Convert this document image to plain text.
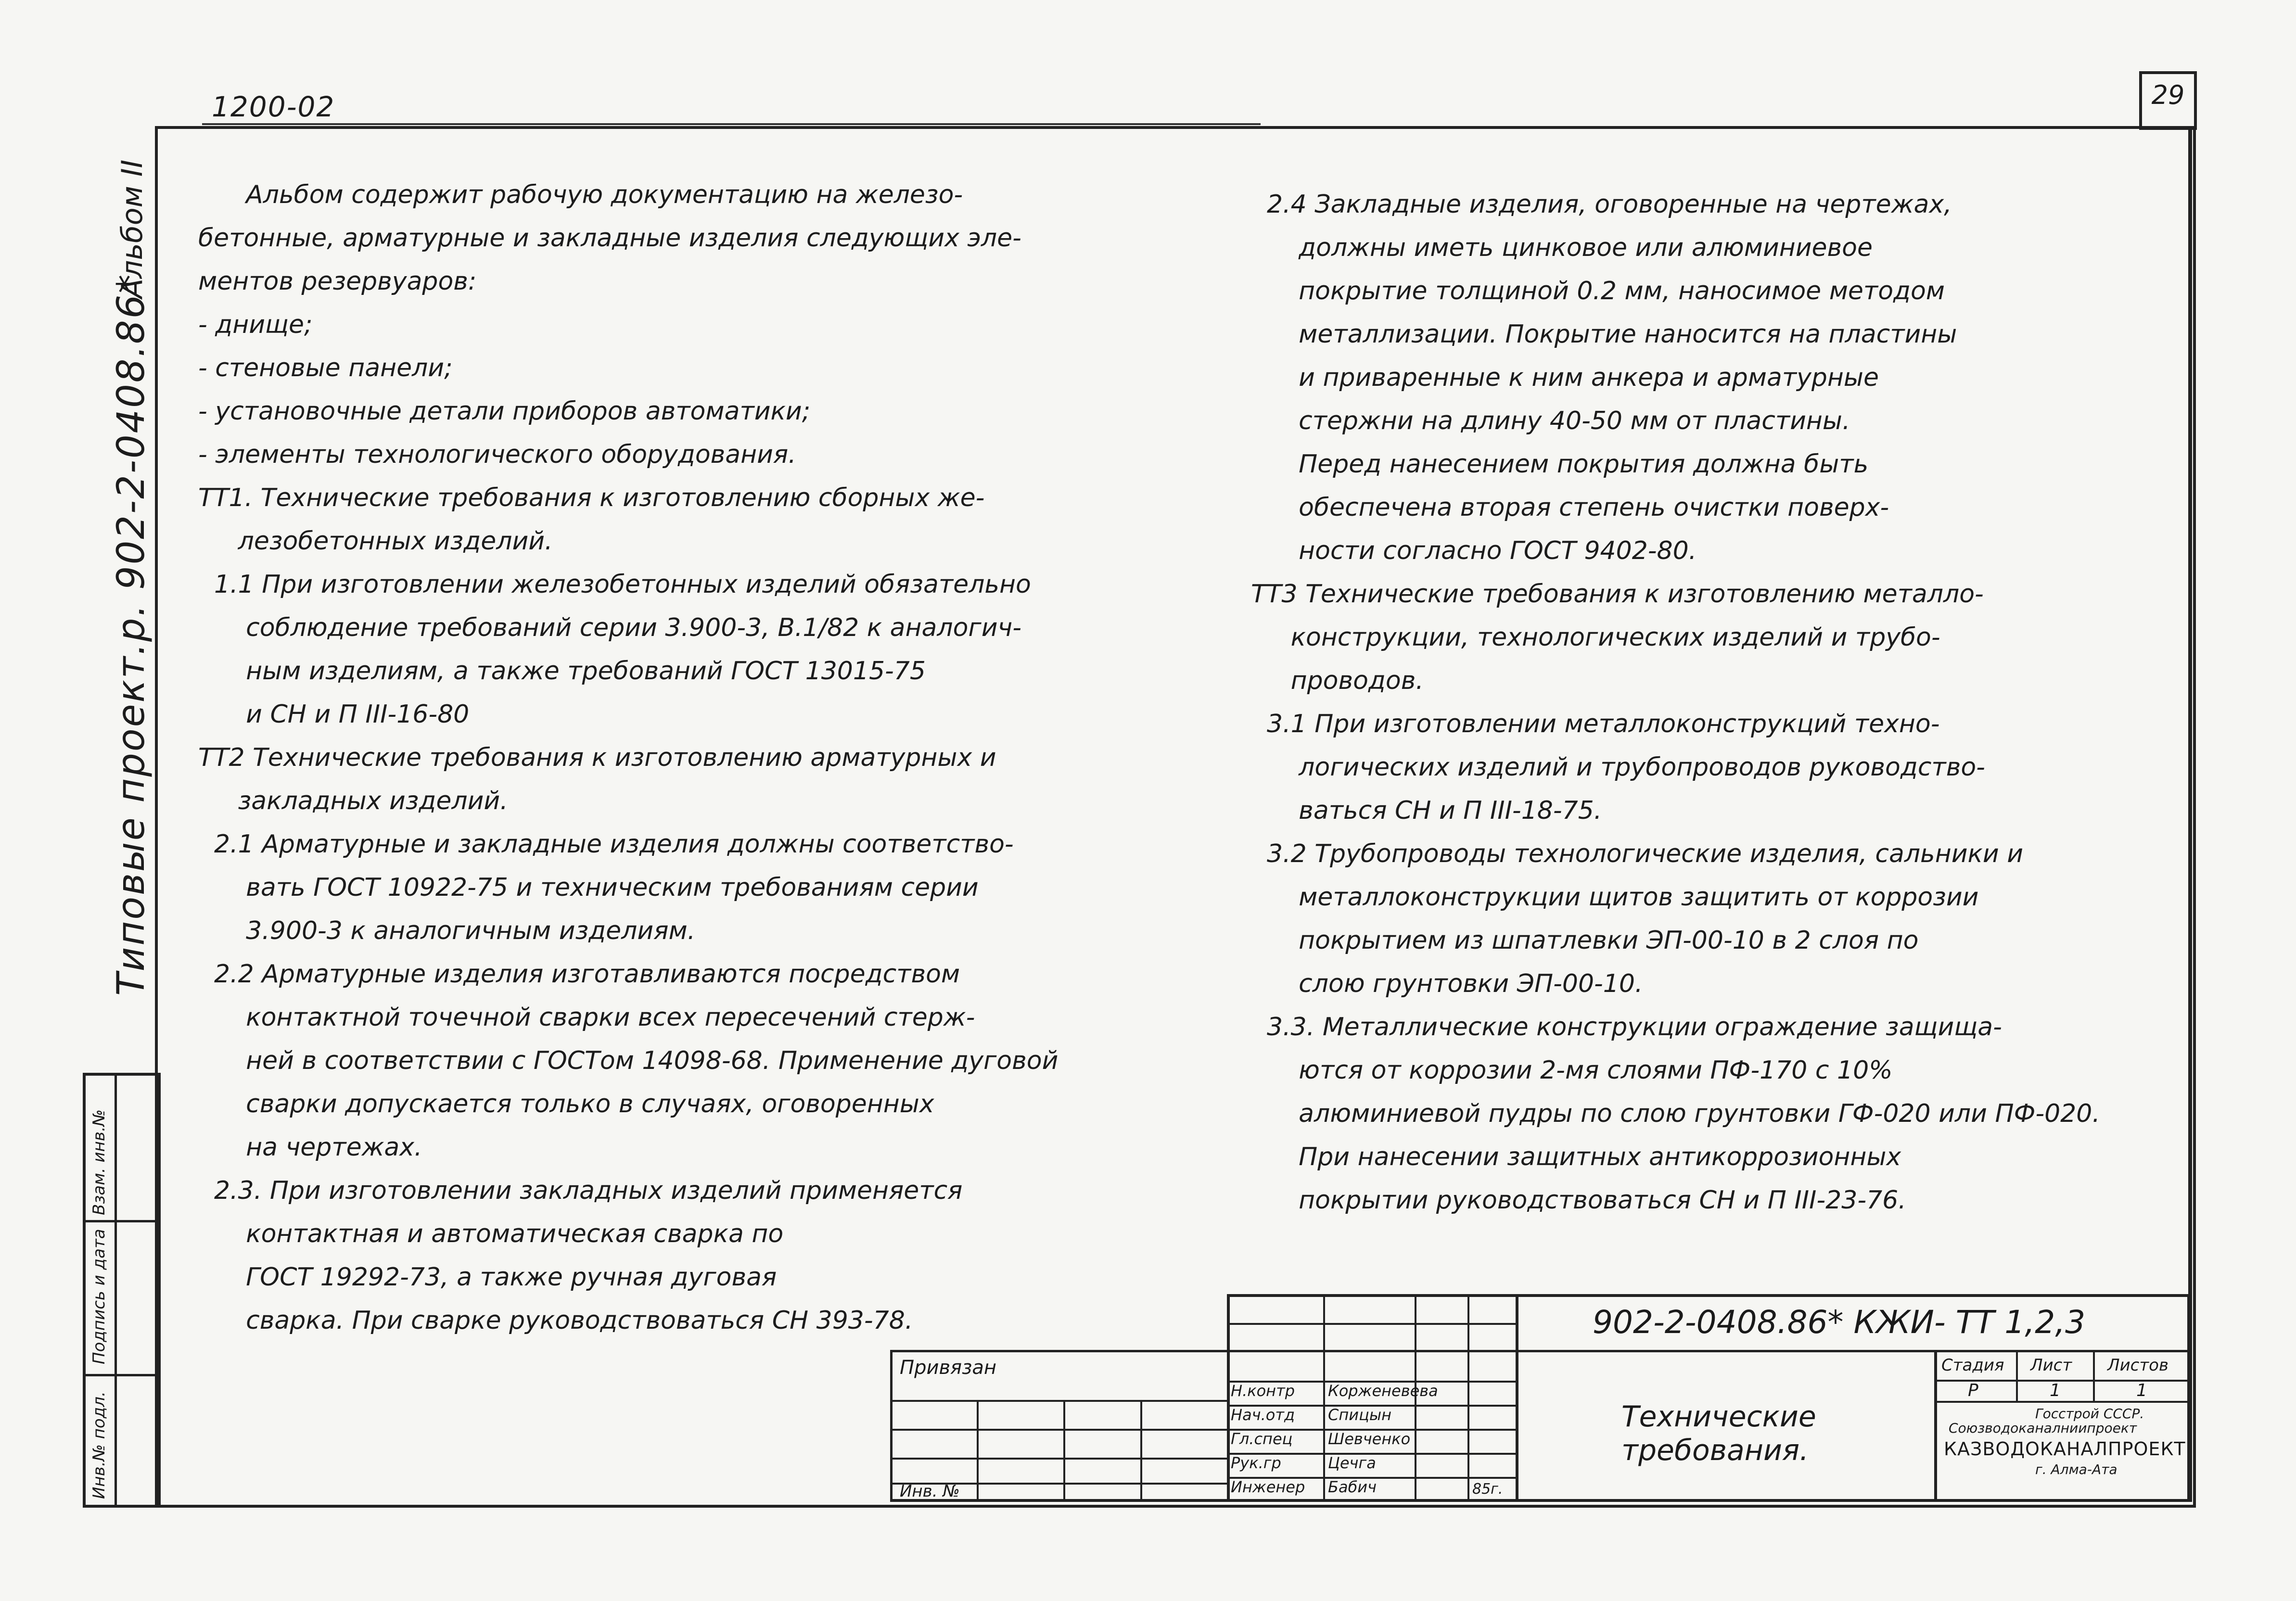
29
1200-02
Типовые проект.р. 902-2-0408.86*
Альбом II
Взам. инв.№
Подпись и дата
Инв.№ подл.
Альбом содержит рабочую документацию на железо-
бетонные, арматурные и закладные изделия следующих эле-
ментов резервуаров:
- днище;
- стеновые панели;
- установочные детали приборов автоматики;
- элементы технологического оборудования.
ТТ1. Технические требования к изготовлению сборных же-
лезобетонных изделий.
1.1 При изготовлении железобетонных изделий обязательно
соблюдение требований серии 3.900-3, В.1/82 к аналогич-
ным изделиям, а также требований ГОСТ 13015-75
и СН и П III-16-80
ТТ2 Технические требования к изготовлению арматурных и
закладных изделий.
2.1 Арматурные и закладные изделия должны соответство-
вать ГОСТ 10922-75 и техническим требованиям серии
3.900-3 к аналогичным изделиям.
2.2 Арматурные изделия изготавливаются посредством
контактной точечной сварки всех пересечений стерж-
ней в соответствии с ГОСТом 14098-68. Применение дуговой
сварки допускается только в случаях, оговоренных
на чертежах.
2.3. При изготовлении закладных изделий применяется
контактная и автоматическая сварка по
ГОСТ 19292-73, а также ручная дуговая
сварка. При сварке руководствоваться СН 393-78.
2.4 Закладные изделия, оговоренные на чертежах,
должны иметь цинковое или алюминиевое
покрытие толщиной 0.2 мм, наносимое методом
металлизации. Покрытие наносится на пластины
и приваренные к ним анкера и арматурные
стержни на длину 40-50 мм от пластины.
Перед нанесением покрытия должна быть
обеспечена вторая степень очистки поверх-
ности согласно ГОСТ 9402-80.
ТТ3 Технические требования к изготовлению металло-
конструкции, технологических изделий и трубо-
проводов.
3.1 При изготовлении металлоконструкций техно-
логических изделий и трубопроводов руководство-
ваться СН и П III-18-75.
3.2 Трубопроводы технологические изделия, сальники и
металлоконструкции щитов защитить от коррозии
покрытием из шпатлевки ЭП-00-10 в 2 слоя по
слою грунтовки ЭП-00-10.
3.3. Металлические конструкции ограждение защища-
ются от коррозии 2-мя слоями ПФ-170 с 10%
алюминиевой пудры по слою грунтовки ГФ-020 или ПФ-020.
При нанесении защитных антикоррозионных
покрытии руководствоваться СН и П III-23-76.
Привязан
Инв. №
902-2-0408.86* КЖИ- ТТ 1,2,3
Технические требования.
Стадия Лист Листов
Р	1	1
Госстрой СССР.
Союзводоканалниипроект
КАЗВОДОКАНАЛПРОЕКТ
г. Алма-Ата
Н.контр Корженевева
Нач.отд Спицын
Гл.спец Шевченко
Рук.гр	Цечга
Инженер Бабич	85г.
